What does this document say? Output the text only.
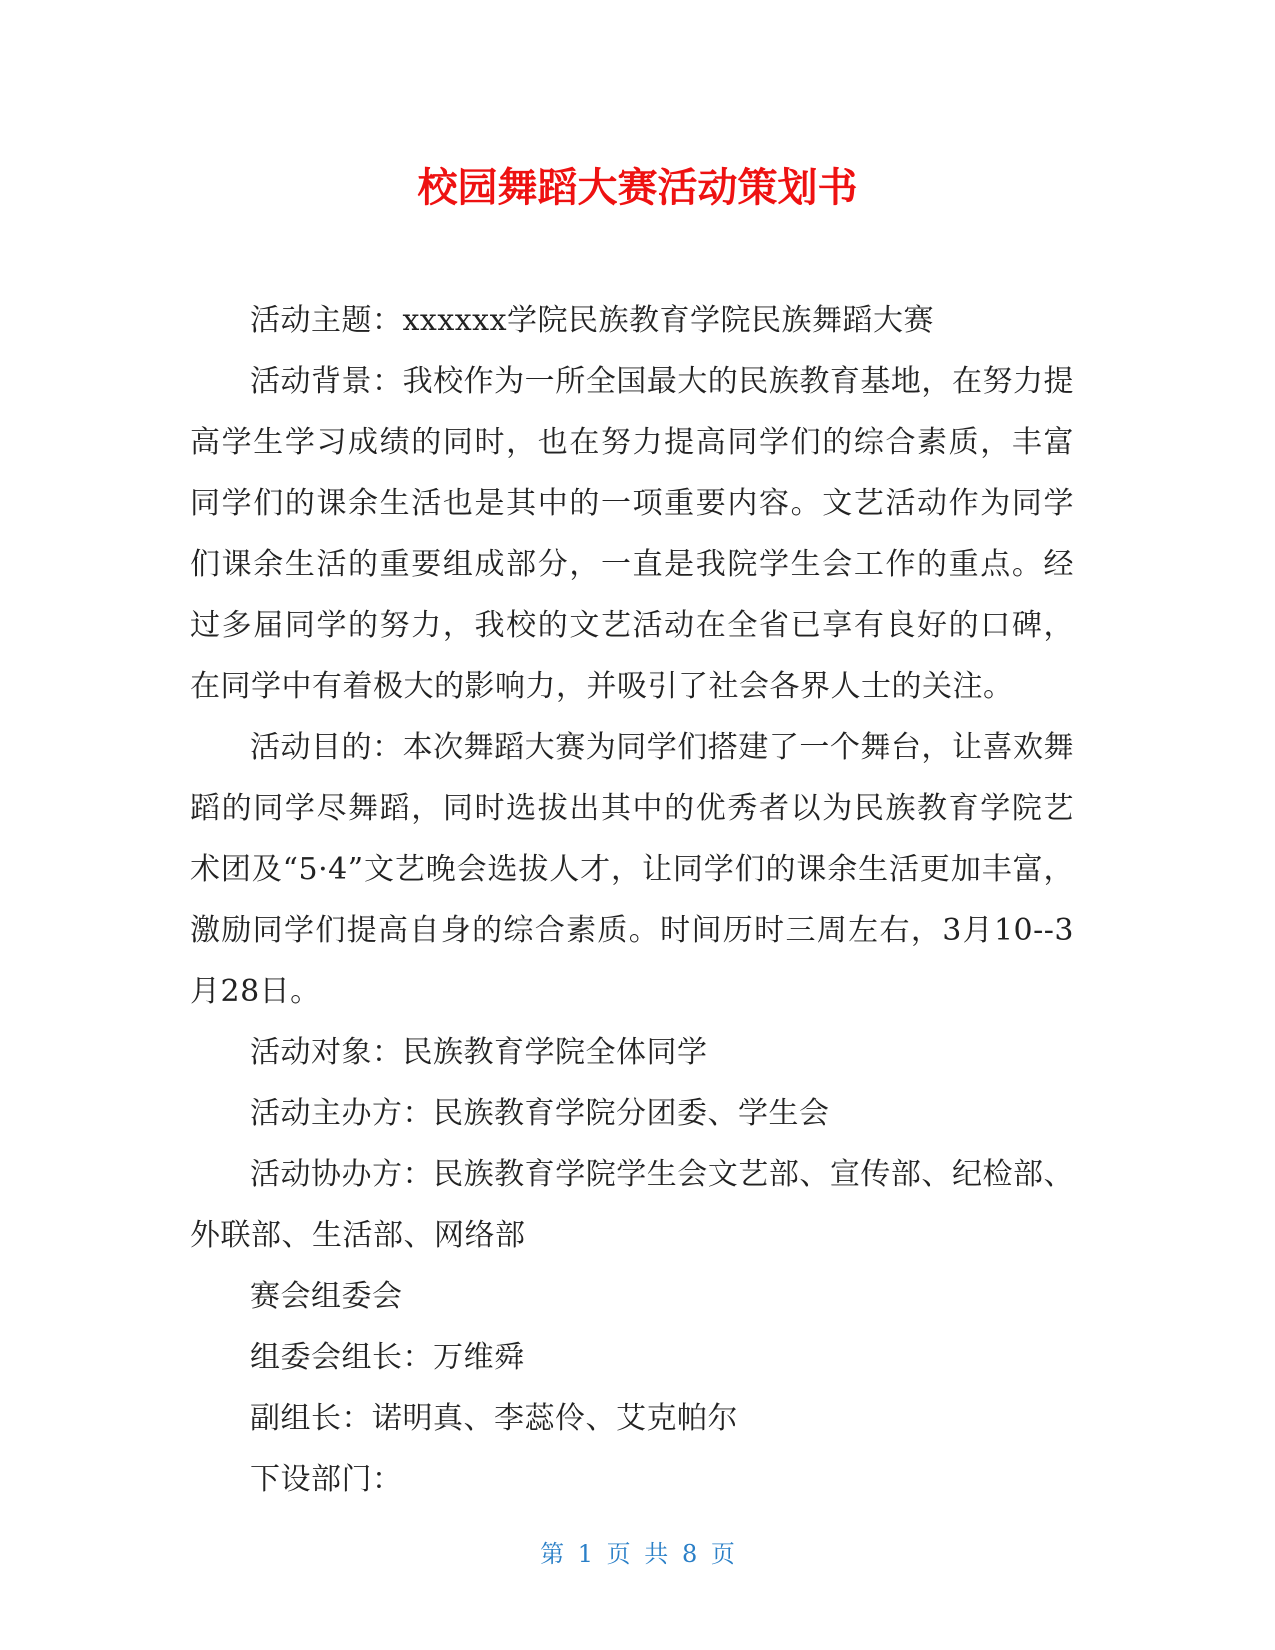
校园舞蹈大赛活动策划书

活动主题：xxxxxx学院民族教育学院民族舞蹈大赛

活动背景：我校作为一所全国最大的民族教育基地，在努力提高学生学习成绩的同时，也在努力提高同学们的综合素质，丰富同学们的课余生活也是其中的一项重要内容。文艺活动作为同学们课余生活的重要组成部分，一直是我院学生会工作的重点。经过多届同学的努力，我校的文艺活动在全省已享有良好的口碑，在同学中有着极大的影响力，并吸引了社会各界人士的关注。

活动目的：本次舞蹈大赛为同学们搭建了一个舞台，让喜欢舞蹈的同学尽舞蹈，同时选拔出其中的优秀者以为民族教育学院艺术团及“5·4”文艺晚会选拔人才，让同学们的课余生活更加丰富，激励同学们提高自身的综合素质。时间历时三周左右，3月10--3月28日。

活动对象：民族教育学院全体同学

活动主办方：民族教育学院分团委、学生会

活动协办方：民族教育学院学生会文艺部、宣传部、纪检部、外联部、生活部、网络部

赛会组委会

组委会组长：万维舜

副组长：诺明真、李蕊伶、艾克帕尔

下设部门：

第 1 页 共 8 页
